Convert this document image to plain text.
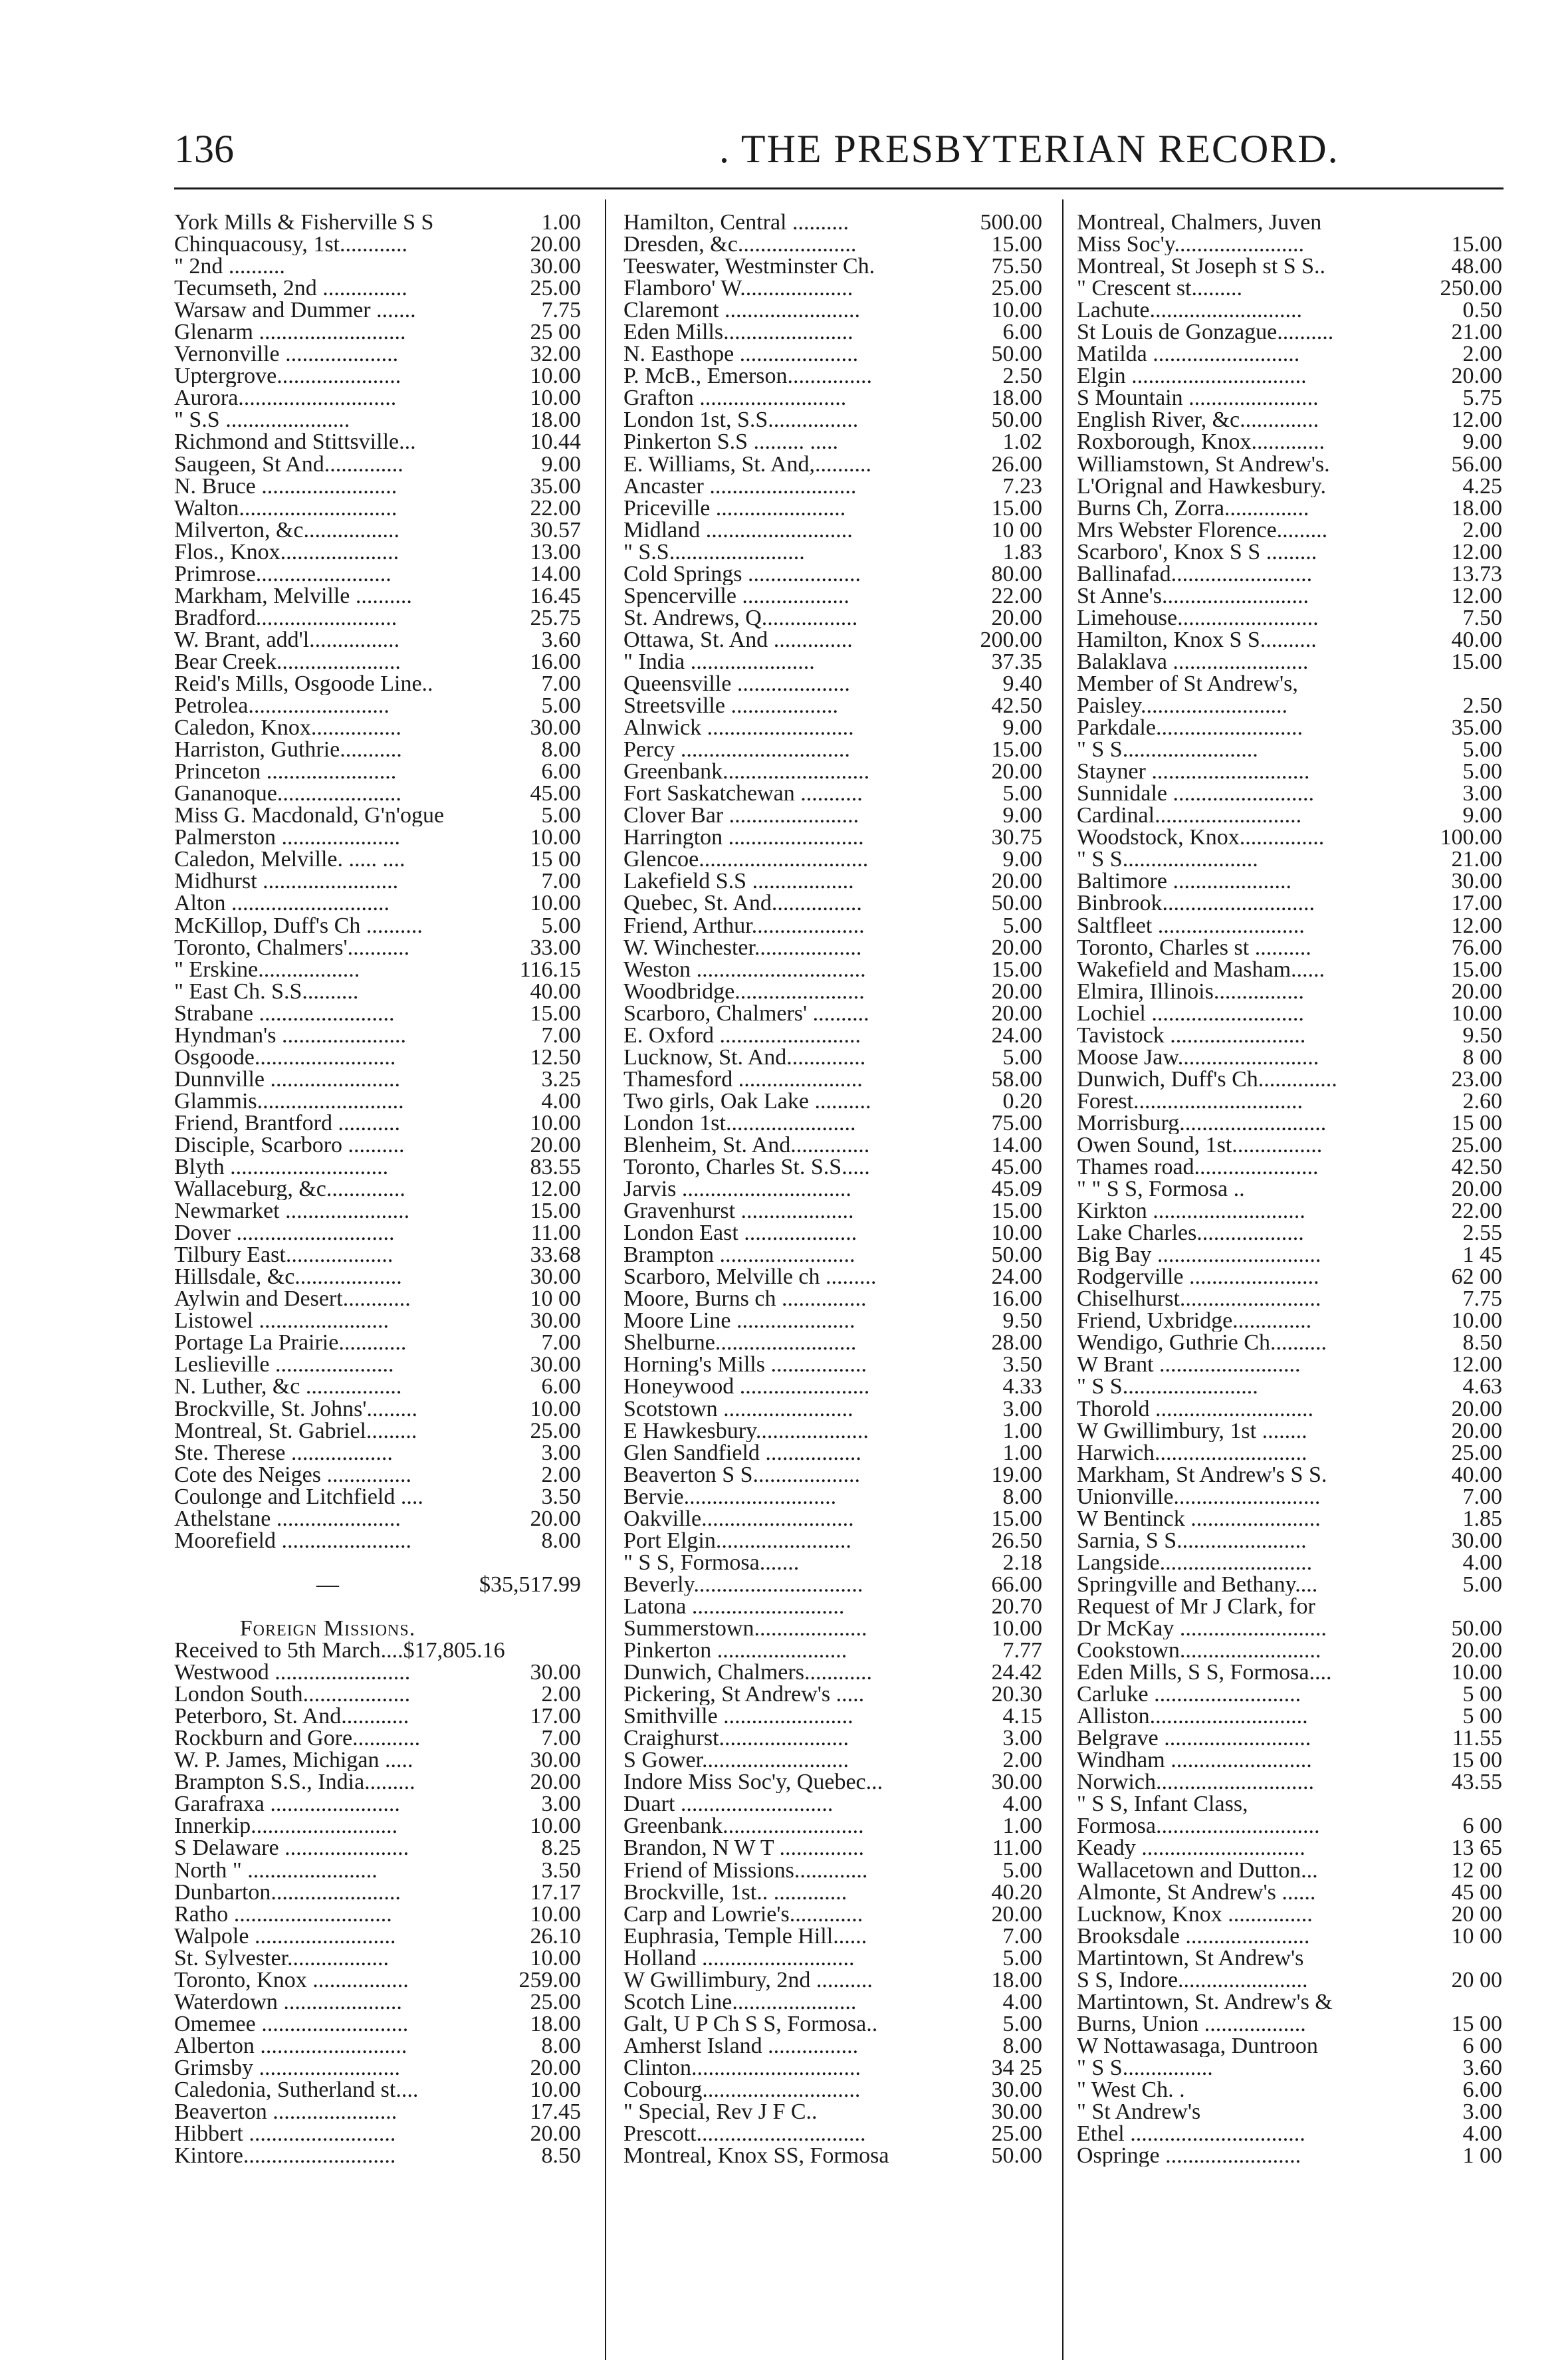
136	. THE PRESBYTERIAN RECORD.
York Mills & Fisherville S S	1.00
Chinquacousy, 1st............	20.00
" 2nd ..........	30.00
Tecumseth, 2nd ...............	25.00
Warsaw and Dummer .......	7.75
Glenarm ..........................	25 00
Vernonville ....................	32.00
Uptergrove......................	10.00
Aurora............................	10.00
" S.S ......................	18.00
Richmond and Stittsville...	10.44
Saugeen, St And..............	9.00
N. Bruce ........................	35.00
Walton............................	22.00
Milverton, &c.................	30.57
Flos., Knox.....................	13.00
Primrose........................	14.00
Markham, Melville ..........	16.45
Bradford.........................	25.75
W. Brant, add'l................	3.60
Bear Creek......................	16.00
Reid's Mills, Osgoode Line..	7.00
Petrolea.........................	5.00
Caledon, Knox................	30.00
Harriston, Guthrie...........	8.00
Princeton .......................	6.00
Gananoque......................	45.00
Miss G. Macdonald, G'n'ogue	5.00
Palmerston .....................	10.00
Caledon, Melville. ..... ....	15 00
Midhurst ........................	7.00
Alton ............................	10.00
McKillop, Duff's Ch ..........	5.00
Toronto, Chalmers'...........	33.00
" Erskine..................	116.15
" East Ch. S.S..........	40.00
Strabane ........................	15.00
Hyndman's ......................	7.00
Osgoode.........................	12.50
Dunnville .......................	3.25
Glammis..........................	4.00
Friend, Brantford ...........	10.00
Disciple, Scarboro ..........	20.00
Blyth ............................	83.55
Wallaceburg, &c..............	12.00
Newmarket ......................	15.00
Dover ............................	11.00
Tilbury East...................	33.68
Hillsdale, &c...................	30.00
Aylwin and Desert............	10 00
Listowel .......................	30.00
Portage La Prairie............	7.00
Leslieville .....................	30.00
N. Luther, &c .................	6.00
Brockville, St. Johns'.........	10.00
Montreal, St. Gabriel.........	25.00
Ste. Therese ..................	3.00
Cote des Neiges ...............	2.00
Coulonge and Litchfield ....	3.50
Athelstane ......................	20.00
Moorefield .......................	8.00
—	$35,517.99
Foreign Missions.
Received to 5th March....$17,805.16
Westwood ........................	30.00
London South...................	2.00
Peterboro, St. And............	17.00
Rockburn and Gore............	7.00
W. P. James, Michigan .....	30.00
Brampton S.S., India.........	20.00
Garafraxa .......................	3.00
Innerkip..........................	10.00
S Delaware ......................	8.25
North " .......................	3.50
Dunbarton.......................	17.17
Ratho ............................	10.00
Walpole .........................	26.10
St. Sylvester..................	10.00
Toronto, Knox .................	259.00
Waterdown .....................	25.00
Omemee ..........................	18.00
Alberton ..........................	8.00
Grimsby .........................	20.00
Caledonia, Sutherland st....	10.00
Beaverton ......................	17.45
Hibbert ..........................	20.00
Kintore...........................	8.50
Hamilton, Central ..........	500.00
Dresden, &c.....................	15.00
Teeswater, Westminster Ch.	75.50
Flamboro' W....................	25.00
Claremont ........................	10.00
Eden Mills.......................	6.00
N. Easthope .....................	50.00
P. McB., Emerson...............	2.50
Grafton ..........................	18.00
London 1st, S.S................	50.00
Pinkerton S.S ......... .....	1.02
E. Williams, St. And,..........	26.00
Ancaster ..........................	7.23
Priceville .......................	15.00
Midland ..........................	10 00
" S.S........................	1.83
Cold Springs ....................	80.00
Spencerville ...................	22.00
St. Andrews, Q.................	20.00
Ottawa, St. And ..............	200.00
" India ......................	37.35
Queensville ....................	9.40
Streetsville ...................	42.50
Alnwick ..........................	9.00
Percy ..............................	15.00
Greenbank..........................	20.00
Fort Saskatchewan ...........	5.00
Clover Bar .......................	9.00
Harrington ........................	30.75
Glencoe..............................	9.00
Lakefield S.S ..................	20.00
Quebec, St. And................	50.00
Friend, Arthur....................	5.00
W. Winchester...................	20.00
Weston ..............................	15.00
Woodbridge.......................	20.00
Scarboro, Chalmers' ..........	20.00
E. Oxford .........................	24.00
Lucknow, St. And..............	5.00
Thamesford ......................	58.00
Two girls, Oak Lake ..........	0.20
London 1st.......................	75.00
Blenheim, St. And..............	14.00
Toronto, Charles St. S.S.....	45.00
Jarvis ..............................	45.09
Gravenhurst ....................	15.00
London East ....................	10.00
Brampton ........................	50.00
Scarboro, Melville ch .........	24.00
Moore, Burns ch ...............	16.00
Moore Line .....................	9.50
Shelburne.........................	28.00
Horning's Mills .................	3.50
Honeywood .......................	4.33
Scotstown .......................	3.00
E Hawkesbury....................	1.00
Glen Sandfield .................	1.00
Beaverton S S...................	19.00
Bervie...........................	8.00
Oakville...........................	15.00
Port Elgin........................	26.50
" S S, Formosa.......	2.18
Beverly..............................	66.00
Latona ...........................	20.70
Summerstown....................	10.00
Pinkerton .......................	7.77
Dunwich, Chalmers............	24.42
Pickering, St Andrew's .....	20.30
Smithville .......................	4.15
Craighurst.......................	3.00
S Gower..........................	2.00
Indore Miss Soc'y, Quebec...	30.00
Duart ...........................	4.00
Greenbank.........................	1.00
Brandon, N W T ...............	11.00
Friend of Missions.............	5.00
Brockville, 1st.. .............	40.20
Carp and Lowrie's.............	20.00
Euphrasia, Temple Hill......	7.00
Holland ...........................	5.00
W Gwillimbury, 2nd ..........	18.00
Scotch Line......................	4.00
Galt, U P Ch S S, Formosa..	5.00
Amherst Island ................	8.00
Clinton..............................	34 25
Cobourg............................	30.00
" Special, Rev J F C..	30.00
Prescott..............................	25.00
Montreal, Knox SS, Formosa	50.00
Montreal, Chalmers, Juven
Miss Soc'y.......................	15.00
Montreal, St Joseph st S S..	48.00
" Crescent st.........	250.00
Lachute...........................	0.50
St Louis de Gonzague..........	21.00
Matilda ..........................	2.00
Elgin ...............................	20.00
S Mountain .......................	5.75
English River, &c..............	12.00
Roxborough, Knox.............	9.00
Williamstown, St Andrew's.	56.00
L'Orignal and Hawkesbury.	4.25
Burns Ch, Zorra...............	18.00
Mrs Webster Florence.........	2.00
Scarboro', Knox S S .........	12.00
Ballinafad.........................	13.73
St Anne's..........................	12.00
Limehouse.........................	7.50
Hamilton, Knox S S..........	40.00
Balaklava ........................	15.00
Member of St Andrew's,
Paisley..........................	2.50
Parkdale..........................	35.00
" S S........................	5.00
Stayner ............................	5.00
Sunnidale .........................	3.00
Cardinal..........................	9.00
Woodstock, Knox...............	100.00
" S S........................	21.00
Baltimore .....................	30.00
Binbrook...........................	17.00
Saltfleet ..........................	12.00
Toronto, Charles st ..........	76.00
Wakefield and Masham......	15.00
Elmira, Illinois................	20.00
Lochiel ...........................	10.00
Tavistock ........................	9.50
Moose Jaw.........................	8 00
Dunwich, Duff's Ch..............	23.00
Forest..............................	2.60
Morrisburg..........................	15 00
Owen Sound, 1st................	25.00
Thames road......................	42.50
" " S S, Formosa ..	20.00
Kirkton ...........................	22.00
Lake Charles...................	2.55
Big Bay .............................	1 45
Rodgerville .......................	62 00
Chiselhurst.........................	7.75
Friend, Uxbridge..............	10.00
Wendigo, Guthrie Ch..........	8.50
W Brant .........................	12.00
" S S........................	4.63
Thorold ............................	20.00
W Gwillimbury, 1st ........	20.00
Harwich...........................	25.00
Markham, St Andrew's S S.	40.00
Unionville..........................	7.00
W Bentinck .......................	1.85
Sarnia, S S.......................	30.00
Langside...........................	4.00
Springville and Bethany....	5.00
Request of Mr J Clark, for
Dr McKay ..........................	50.00
Cookstown.........................	20.00
Eden Mills, S S, Formosa....	10.00
Carluke ..........................	5 00
Alliston............................	5 00
Belgrave ..........................	11.55
Windham .........................	15 00
Norwich............................	43.55
" S S, Infant Class,
Formosa.............................	6 00
Keady .............................	13 65
Wallacetown and Dutton...	12 00
Almonte, St Andrew's ......	45 00
Lucknow, Knox ...............	20 00
Brooksdale ......................	10 00
Martintown, St Andrew's
S S, Indore.......................	20 00
Martintown, St. Andrew's &
Burns, Union ..................	15 00
W Nottawasaga, Duntroon	6 00
" S S................	3.60
" West Ch. .	6.00
" St Andrew's	3.00
Ethel ...............................	4.00
Ospringe ........................	1 00
